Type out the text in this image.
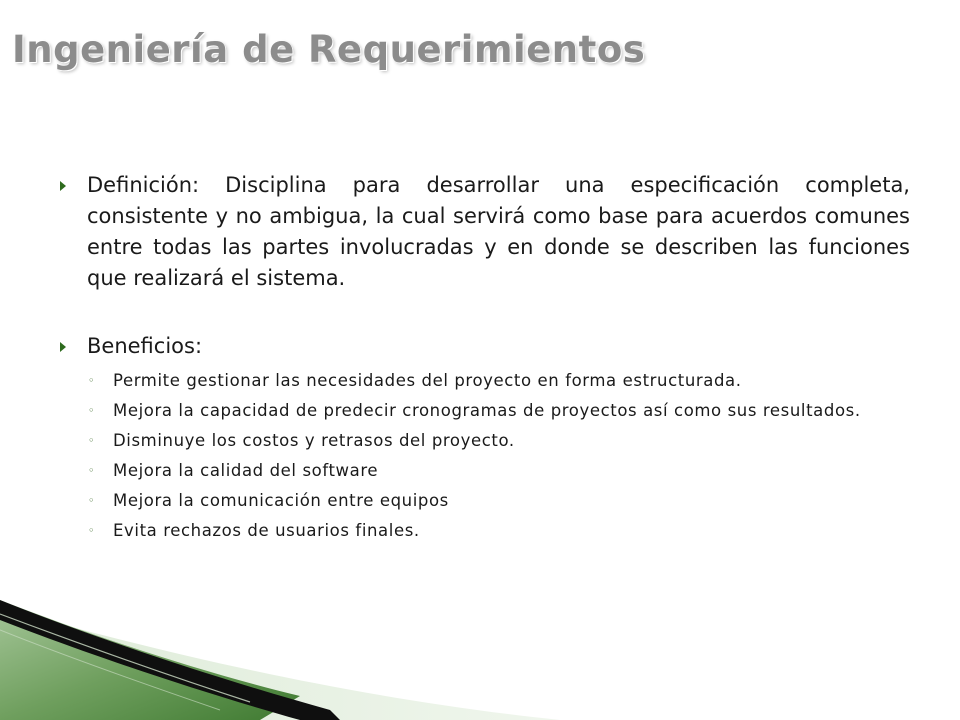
Ingeniería de Requerimientos
Definición: Disciplina para desarrollar una especificación completa, consistente y no ambigua, la cual servirá como base para acuerdos comunes entre todas las partes involucradas y en donde se describen las funciones que realizará el sistema.
Beneficios:
◦ Permite gestionar las necesidades del proyecto en forma estructurada.
◦ Mejora la capacidad de predecir cronogramas de proyectos así como sus resultados.
◦ Disminuye los costos y retrasos del proyecto.
◦ Mejora la calidad del software
◦ Mejora la comunicación entre equipos
◦ Evita rechazos de usuarios finales.
